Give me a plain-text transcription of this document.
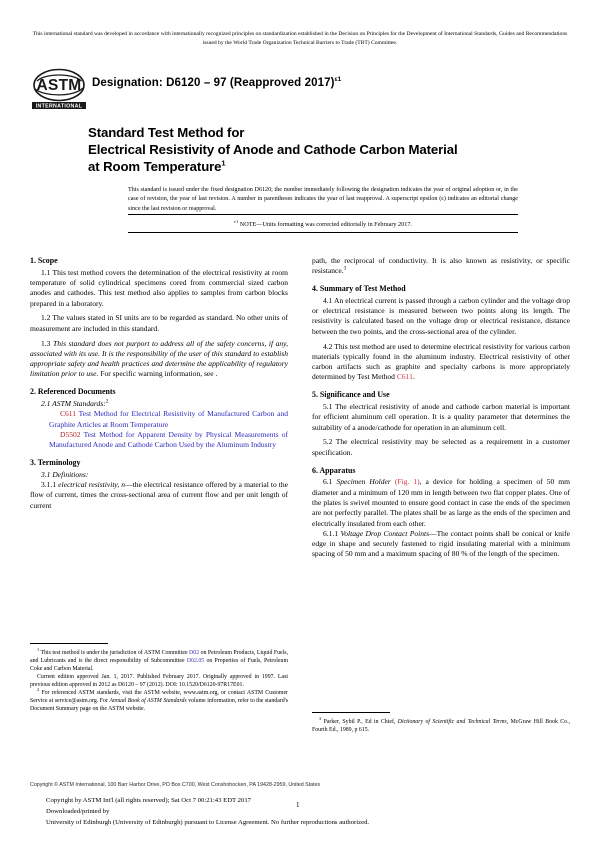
This international standard was developed in accordance with internationally recognized principles on standardization established in the Decision on Principles for the Development of International Standards, Guides and Recommendations issued by the World Trade Organization Technical Barriers to Trade (TBT) Committee.
ASTM
INTERNATIONAL
Designation: D6120 – 97 (Reapproved 2017)$^{\varepsilon 1}$
Standard Test Method for
Electrical Resistivity of Anode and Cathode Carbon Material
at Room Temperature$^1$
This standard is issued under the fixed designation D6120; the number immediately following the designation indicates the year of original adoption or, in the case of revision, the year of last revision. A number in parentheses indicates the year of last reapproval. A superscript epsilon (ε) indicates an editorial change since the last revision or reapproval.
$^{\varepsilon 1}$ NOTE—Units formatting was corrected editorially in February 2017.
1. Scope

1.1 This test method covers the determination of the electrical resistivity at room temperature of solid cylindrical specimens cored from commercial sized carbon anodes and cathodes. This test method also applies to samples from carbon blocks prepared in a laboratory.

1.2 The values stated in SI units are to be regarded as standard. No other units of measurement are included in this standard.

1.3 This standard does not purport to address all of the safety concerns, if any, associated with its use. It is the responsibility of the user of this standard to establish appropriate safety and health practices and determine the applicability of regulatory limitation prior to use. For specific warning information, see .

2. Referenced Documents

2.1 ASTM Standards:$^2$

C611 Test Method for Electrical Resistivity of Manufactured Carbon and Graphite Articles at Room Temperature

D5502 Test Method for Apparent Density by Physical Measurements of Manufactured Anode and Cathode Carbon Used by the Aluminum Industry

3. Terminology

3.1 Definitions:

3.1.1 electrical resistivity, n—the electrical resistance offered by a material to the flow of current, times the cross-sectional area of current flow and per unit length of current

path, the reciprocal of conductivity. It is also known as resistivity, or specific resistance.$^3$

4. Summary of Test Method

4.1 An electrical current is passed through a carbon cylinder and the voltage drop or electrical resistance is measured between two points along its length. The resistivity is calculated based on the voltage drop or electrical resistance, distance between the two points, and the cross-sectional area of the cylinder.

4.2 This test method are used to determine electrical resistivity for various carbon materials typically found in the aluminum industry. Electrical resistivity of other carbon artifacts such as graphite and specialty carbons is more appropriately determined by Test Method C611.

5. Significance and Use

5.1 The electrical resistivity of anode and cathode carbon material is important for efficient aluminum cell operation. It is a quality parameter that determines the suitability of a anode/cathode for operation in an aluminum cell.

5.2 The electrical resistivity may be selected as a requirement in a customer specification.

6. Apparatus

6.1 Specimen Holder (Fig. 1), a device for holding a specimen of 50 mm diameter and a minimum of 120 mm in length between two flat copper plates. One of the plates is swivel mounted to ensure good contact in case the ends of the specimen are not perfectly parallel. The plates shall be as large as the ends of the specimen and electrically insulated from each other.

6.1.1 Voltage Drop Contact Points—The contact points shall be conical or knife edge in shape and securely fastened to rigid insulating material with a minimum spacing of 50 mm and a maximum spacing of 80 % of the length of the specimen.

$^1$ This test method is under the jurisdiction of ASTM Committee D02 on Petroleum Products, Liquid Fuels, and Lubricants and is the direct responsibility of Subcommittee D02.05 on Properties of Fuels, Petroleum Coke and Carbon Material.

Current edition approved Jan. 1, 2017. Published February 2017. Originally approved in 1997. Last previous edition approved in 2012 as D6120 – 97 (2012). DOI: 10.1520/D6120-97R17E01.

$^2$ For referenced ASTM standards, visit the ASTM website, www.astm.org, or contact ASTM Customer Service at service@astm.org. For Annual Book of ASTM Standards volume information, refer to the standard's Document Summary page on the ASTM website.

$^3$ Parker, Sybil P., Ed in Chief, Dictionary of Scientific and Technical Terms, McGraw Hill Book Co., Fourth Ed., 1989, p 615.

Copyright © ASTM International, 100 Barr Harbor Drive, PO Box C700, West Conshohocken, PA 19428-2959, United States
Copyright by ASTM Int'l (all rights reserved); Sat Oct 7 00:21:43 EDT 2017
Downloaded/printed by
University of Edinburgh (University of Edinburgh) pursuant to License Agreement. No further reproductions authorized.
1
